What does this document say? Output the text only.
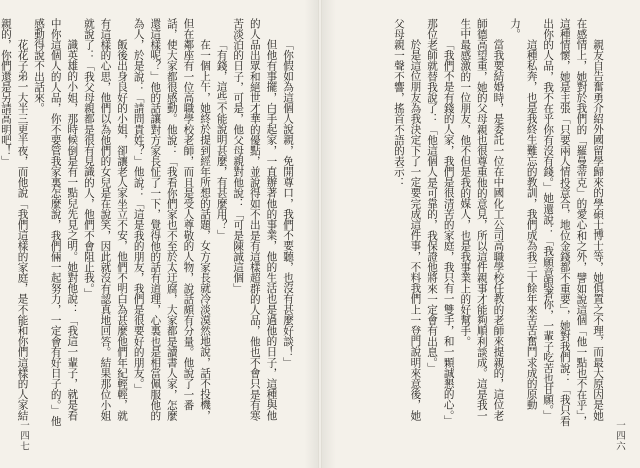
「你假如為這個人說親，免開尊口，我們不要聽，也沒有甚麼好談！」

但他有事擺，白手起家，一直辦著他的事業，他的生活也是過他的日子，這種與他的人品出眾和絕世才華的優點，並說得如不出是有這樣超群的人品，他也不會只是有寒苦淡泊的日子，可是，他父母親對他說：「可是陳誠這個」

「有錢，這些不能說明甚麼，有甚麼用？」

在一個上午，她終於提到經年所想的話題，女方家長就冷淡漠然地說，話不投機，但在鄰座有一位高職學校老師，而且是受人尊敬的人物，說話頗有分量。他說了一番話，使大家都很感動。他說：「我看你們家也不至於太迂腐，大家都是讀書人家，怎麼還這樣呢？」他的話讓對方家長怔了一下，覺得他的話有道理，心裏也是相當佩服他的為人，於是說：「請問貴姓？」他說：「這是我的朋友，我們是很要好的朋友。」

飯後出身良好的小姐，卻讓老人家坐立不安，他們不明白為甚麼他們年紀輕輕，就有這樣的心思，他們以為他們的女兒是在說笑，因此就沒有認真地回答。結果那位小姐就說了：「我父母親都是很有見識的人，他們不會阻止我。」

識英雄的小姐，那時候倒是有一點兒先見之明。她對他說：「我這一輩子，就是看中你這個人的人品，你不要管我家裏怎麼說，我們倆一起努力，一定會有好日子的。」他感動得說不出話來。

花花子弟一大半三更半夜，而他說「我們這樣的家庭，是不能和你們這樣的人家結親的，你們還是另請高明吧！」

一四七

親友自告奮勇介紹外國留學歸來的學碩士博士等，她俱置之不理，而最大原因是她在感情上，她對於我們的「羅曼蒂克」的愛心和之外，譬如說這個「他一點也不在乎」，這種情懷，她是主張「只要兩人情投意合，地位金錢都不重要」，她對我們說：「我只看出你的人品，我不在乎你有沒有錢。」她還說：「我願意跟著你，一輩子吃苦也甘願。」

這種私奔，也是我終生難忘的教訓，我們成為我三十餘年來苦苦奮鬥求成的原動力。

當我要結婚時，是委託一位在中國化工公司高職學校任教的老師來提親的，這位老師德高望重，她的父母親也很尊重他的意見，所以這件親事才能夠順利談成。這是我一生中最感激的一位朋友，他不但是我的媒人，也是我事業上的好幫手。

「我們不是有錢的人家，我們是很清苦的家庭，我只有一雙手，和一顆誠懇的心。」那位老師就替我說了：「他這個人是可靠的，我保證他將來一定會有出息。」

於是這位朋友為我決定下了一定要完成這件事，不料我們上一登門說明來意後，她父母親一聲不響，搖首不語的表示：

一四六
